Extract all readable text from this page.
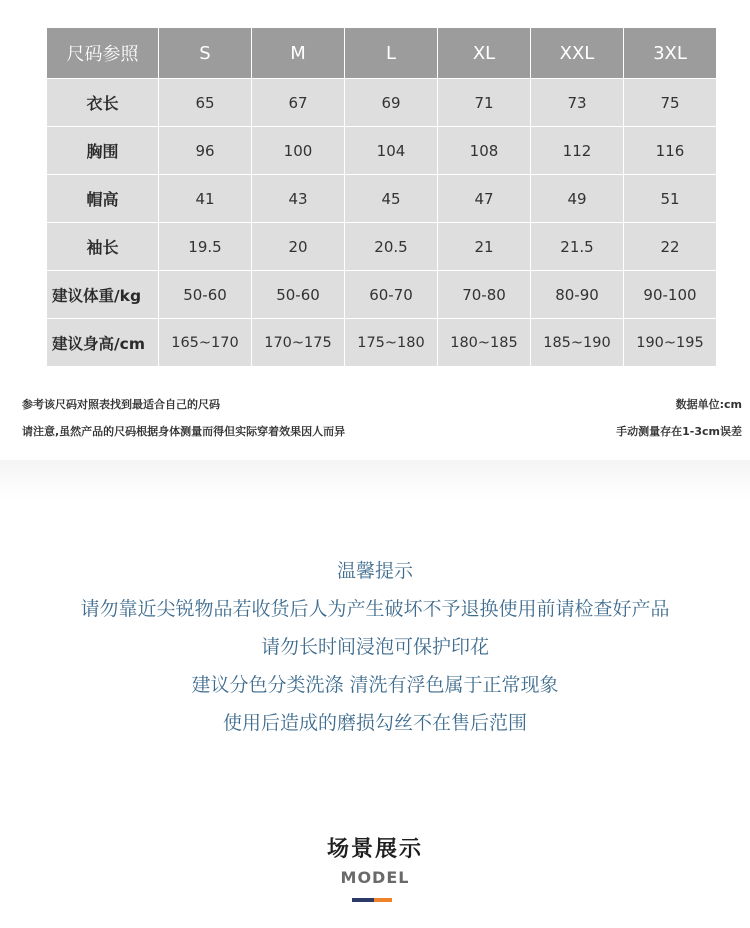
尺码参照	S	M	L	XL	XXL	3XL
衣长	65	67	69	71	73	75
胸围	96	100	104	108	112	116
帽高	41	43	45	47	49	51
袖长	19.5	20	20.5	21	21.5	22
建议体重/kg	50-60	50-60	60-70	70-80	80-90	90-100
建议身高/cm	165~170	170~175	175~180	180~185	185~190	190~195
参考该尺码对照表找到最适合自己的尺码
请注意,虽然产品的尺码根据身体测量而得但实际穿着效果因人而异
数据单位:cm
手动测量存在1-3cm误差
温馨提示
请勿靠近尖锐物品若收货后人为产生破坏不予退换使用前请检查好产品
请勿长时间浸泡可保护印花
建议分色分类洗涤 清洗有浮色属于正常现象
使用后造成的磨损勾丝不在售后范围
场景展示
MODEL
